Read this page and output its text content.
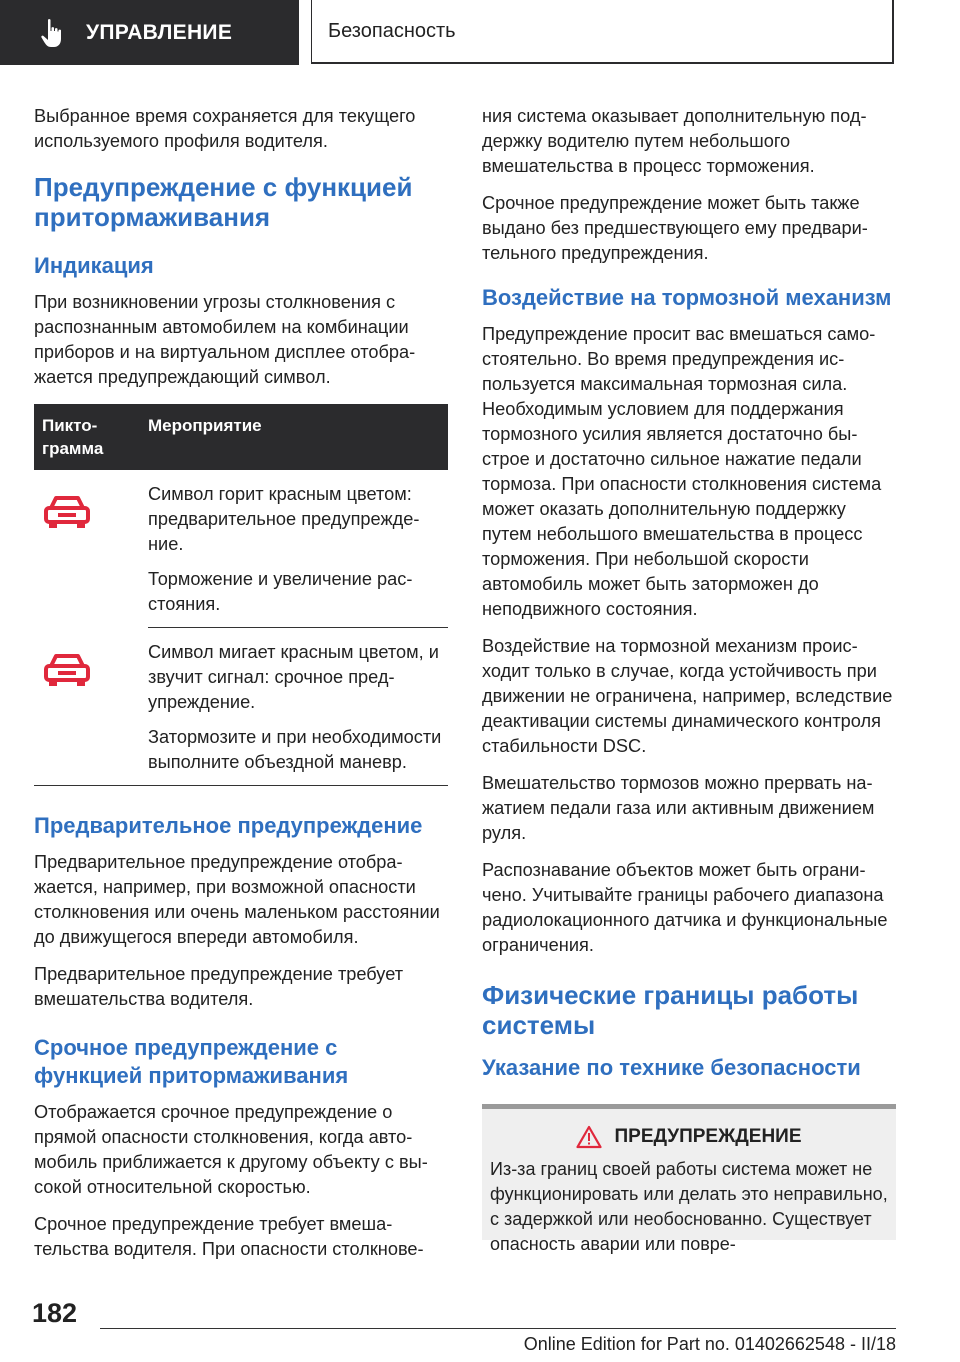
УПРАВЛЕНИЕ	Безопасность

Выбранное время сохраняется для текущего используемого профиля водителя.

Предупреждение с функцией притормаживания
Индикация

При возникновении угрозы столкновения с распознанным автомобилем на комбинации приборов и на виртуальном дисплее отображается предупреждающий символ.

Пиктограмма
Мероприятие

Символ горит красным цветом: предварительное предупреждение.

Торможение и увеличение расстояния.

Символ мигает красным цветом, и звучит сигнал: срочное предупреждение.

Затормозите и при необходимости выполните объездной маневр.

Предварительное предупреждение

Предварительное предупреждение отображается, например, при возможной опасности столкновения или очень маленьком расстоянии до движущегося впереди автомобиля.

Предварительное предупреждение требует вмешательства водителя.

Срочное предупреждение с функцией притормаживания

Отображается срочное предупреждение о прямой опасности столкновения, когда автомобиль приближается к другому объекту с высокой относительной скоростью.

Срочное предупреждение требует вмешательства водителя. При опасности столкнове-

ния система оказывает дополнительную поддержку водителю путем небольшого вмешательства в процесс торможения.

Срочное предупреждение может быть также выдано без предшествующего ему предварительного предупреждения.

Воздействие на тормозной механизм

Предупреждение просит вас вмешаться самостоятельно. Во время предупреждения используется максимальная тормозная сила. Необходимым условием для поддержания тормозного усилия является достаточно быстрое и достаточно сильное нажатие педали тормоза. При опасности столкновения система может оказать дополнительную поддержку путем небольшого вмешательства в процесс торможения. При небольшой скорости автомобиль может быть заторможен до неподвижного состояния.

Воздействие на тормозной механизм происходит только в случае, когда устойчивость при движении не ограничена, например, вследствие деактивации системы динамического контроля стабильности DSC.

Вмешательство тормозов можно прервать нажатием педали газа или активным движением руля.

Распознавание объектов может быть ограничено. Учитывайте границы рабочего диапазона радиолокационного датчика и функциональные ограничения.

Физические границы работы системы
Указание по технике безопасности
ПРЕДУПРЕЖДЕНИЕ

Из-за границ своей работы система может не функционировать или делать это неправильно, с задержкой или необоснованно. Существует опасность аварии или повре-

182
Online Edition for Part no. 01402662548 - II/18
